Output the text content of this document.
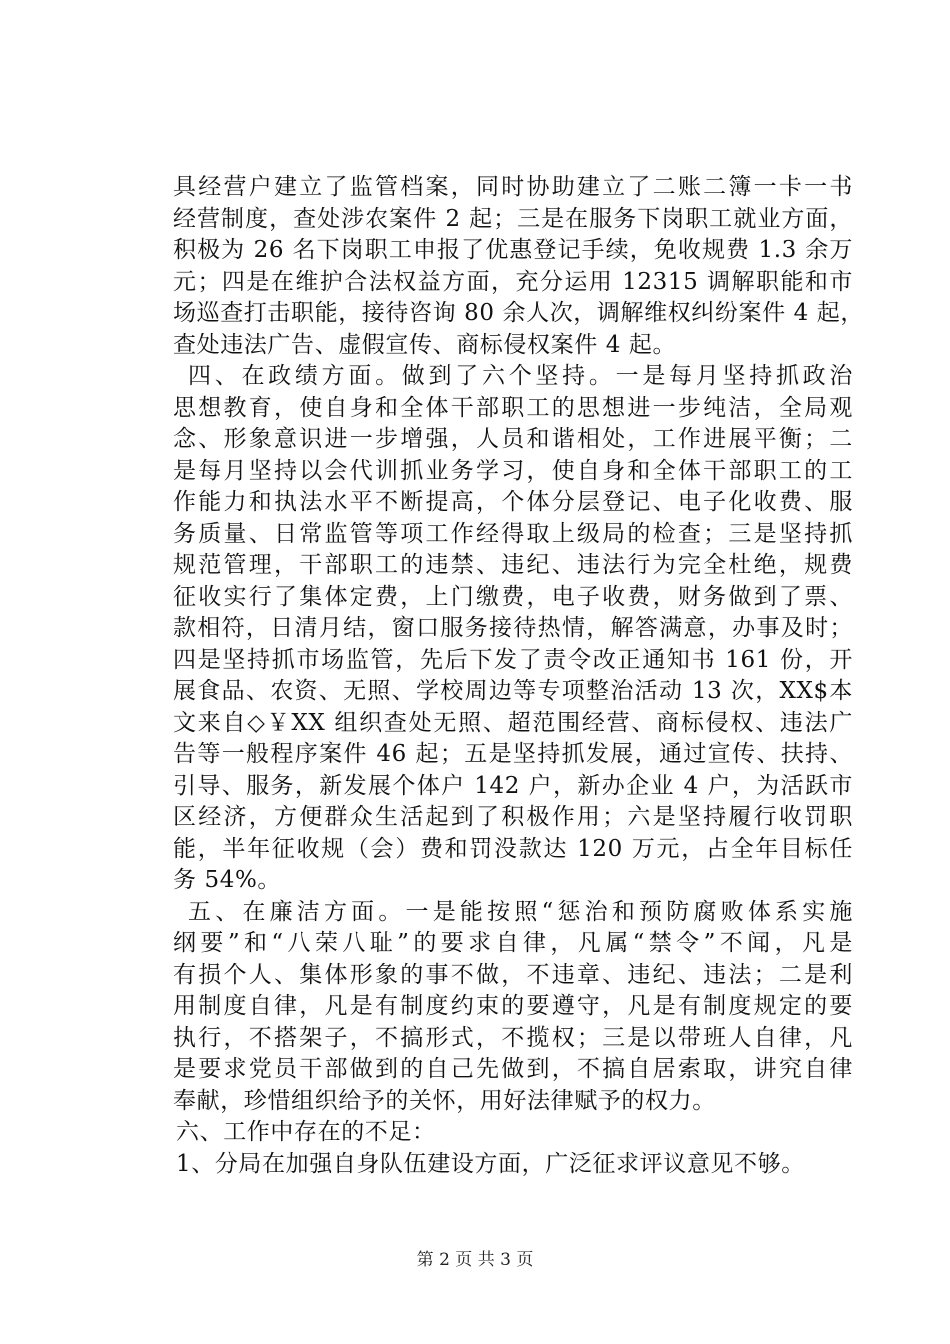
具经营户建立了监管档案，同时协助建立了二账二簿一卡一书
经营制度，查处涉农案件 2 起；三是在服务下岗职工就业方面，
积极为 26 名下岗职工申报了优惠登记手续，免收规费 1.3 余万
元；四是在维护合法权益方面，充分运用 12315 调解职能和市
场巡查打击职能，接待咨询 80 余人次，调解维权纠纷案件 4 起，
查处违法广告、虚假宣传、商标侵权案件 4 起。
四、在政绩方面。做到了六个坚持。一是每月坚持抓政治
思想教育，使自身和全体干部职工的思想进一步纯洁，全局观
念、形象意识进一步增强，人员和谐相处，工作进展平衡；二
是每月坚持以会代训抓业务学习，使自身和全体干部职工的工
作能力和执法水平不断提高，个体分层登记、电子化收费、服
务质量、日常监管等项工作经得取上级局的检查；三是坚持抓
规范管理，干部职工的违禁、违纪、违法行为完全杜绝，规费
征收实行了集体定费，上门缴费，电子收费，财务做到了票、
款相符，日清月结，窗口服务接待热情，解答满意，办事及时；
四是坚持抓市场监管，先后下发了责令改正通知书 161 份，开
展食品、农资、无照、学校周边等专项整治活动 13 次，XX$本
文来自◇￥XX 组织查处无照、超范围经营、商标侵权、违法广
告等一般程序案件 46 起；五是坚持抓发展，通过宣传、扶持、
引导、服务，新发展个体户 142 户，新办企业 4 户，为活跃市
区经济，方便群众生活起到了积极作用；六是坚持履行收罚职
能，半年征收规（会）费和罚没款达 120 万元，占全年目标任
务 54%。
五、在廉洁方面。一是能按照“惩治和预防腐败体系实施
纲要”和“八荣八耻”的要求自律，凡属“禁令”不闻，凡是
有损个人、集体形象的事不做，不违章、违纪、违法；二是利
用制度自律，凡是有制度约束的要遵守，凡是有制度规定的要
执行，不搭架子，不搞形式，不揽权；三是以带班人自律，凡
是要求党员干部做到的自己先做到，不搞自居索取，讲究自律
奉献，珍惜组织给予的关怀，用好法律赋予的权力。
六、工作中存在的不足：
1、分局在加强自身队伍建设方面，广泛征求评议意见不够。
第 2 页 共 3 页
